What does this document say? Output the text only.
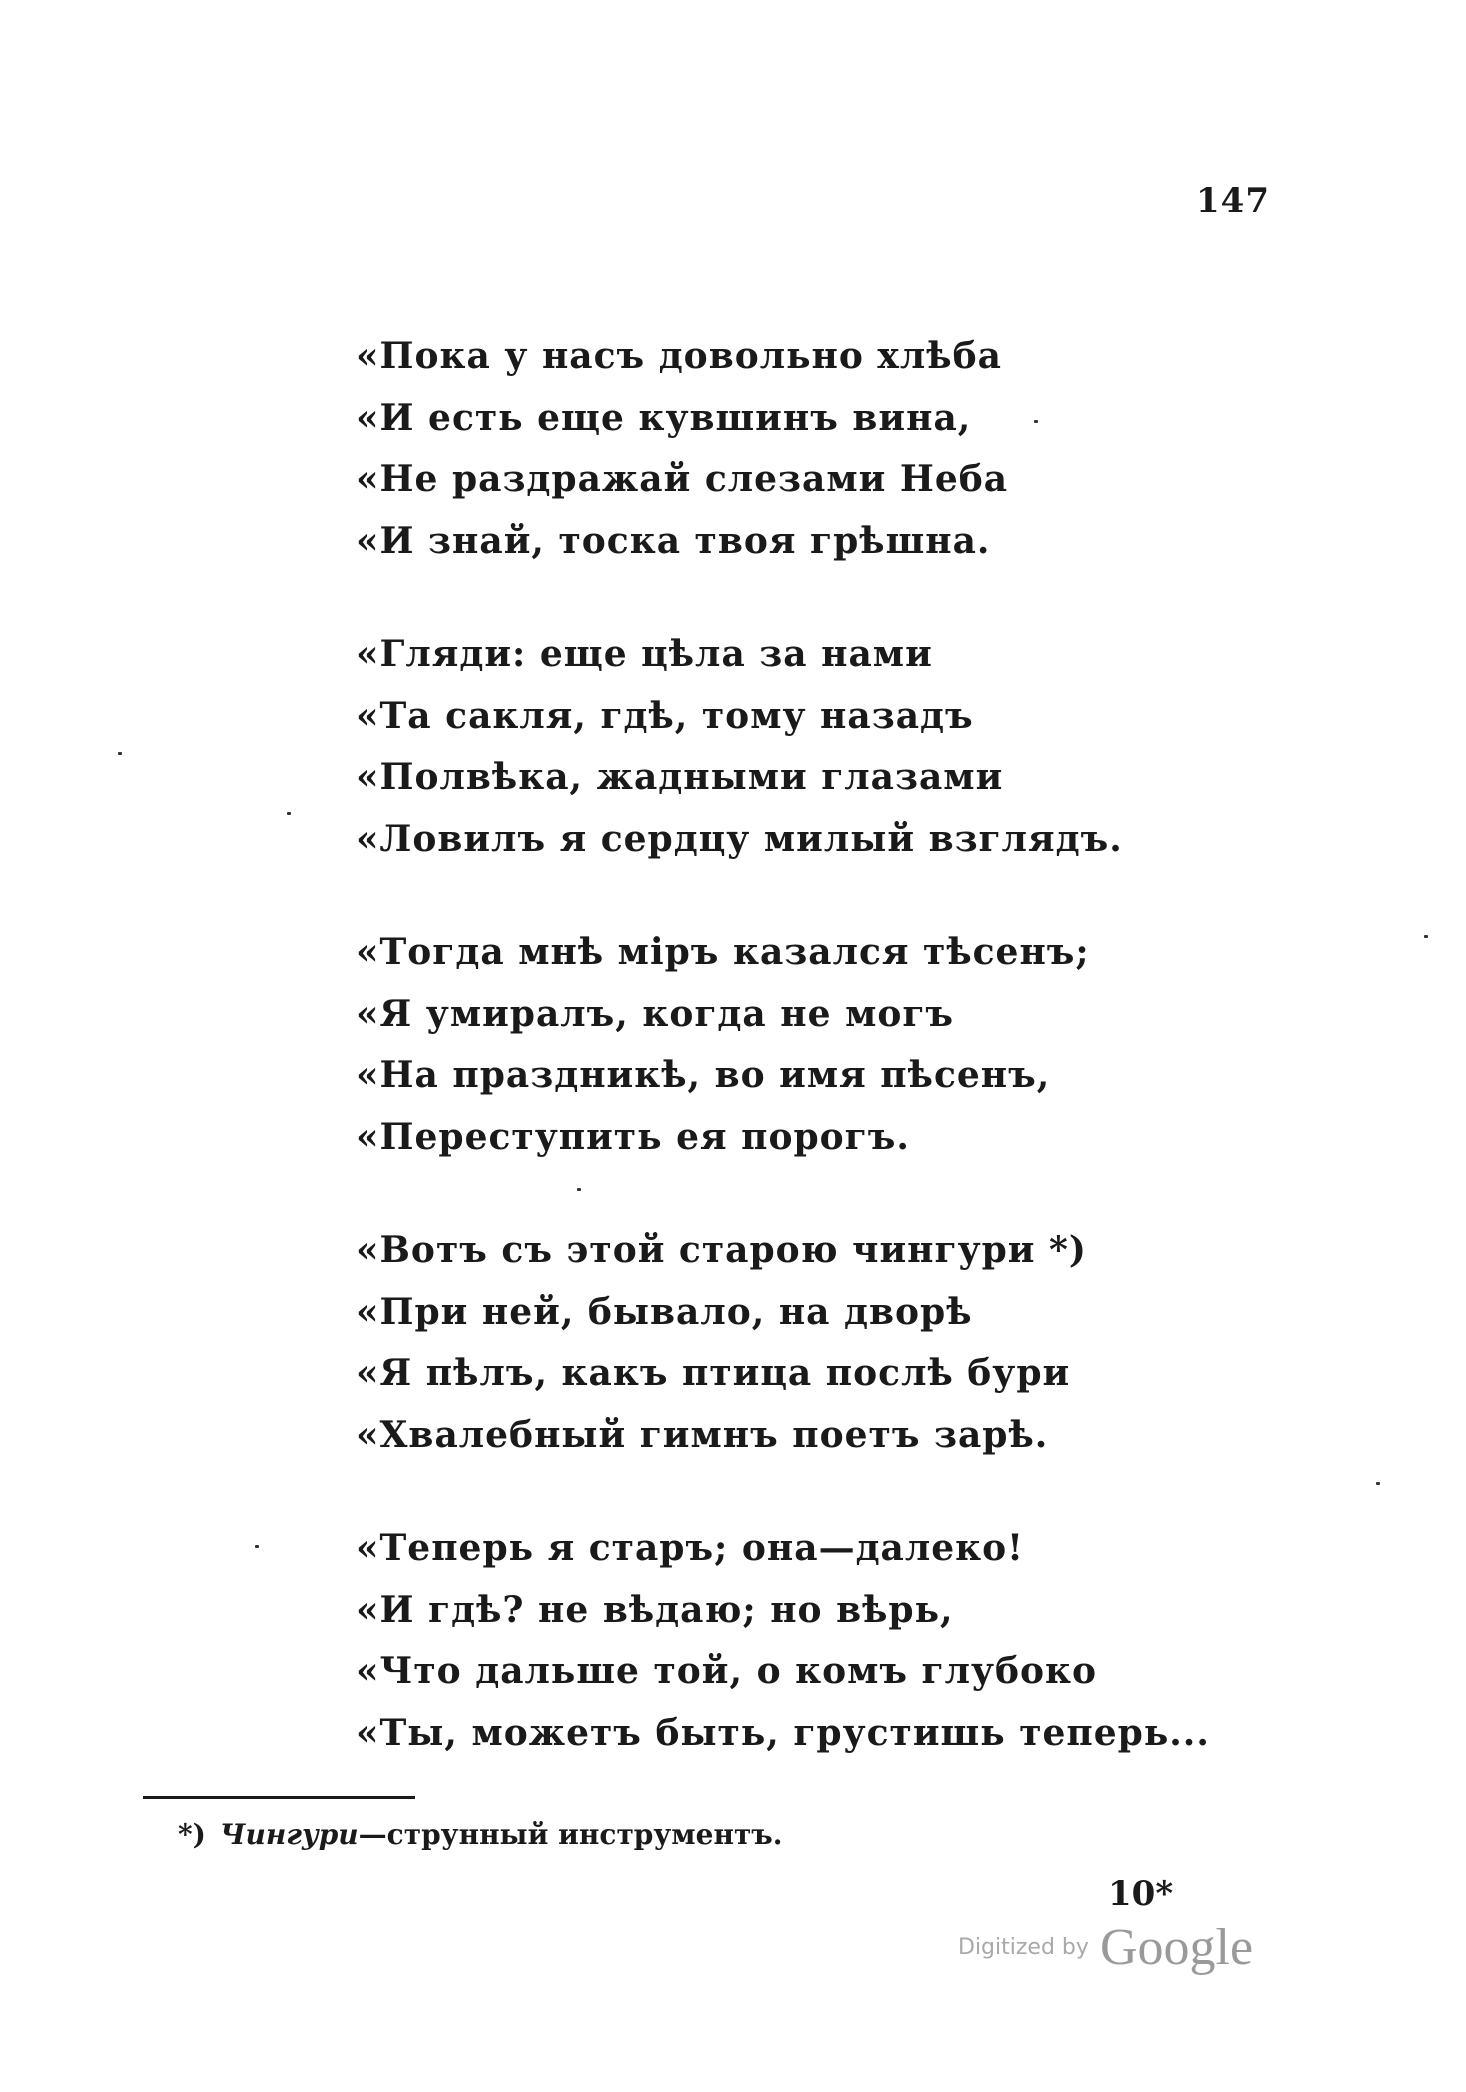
147
«Пока у насъ довольно хлѣба
«И есть еще кувшинъ вина,
«Не раздражай слезами Неба
«И знай, тоска твоя грѣшна.
«Гляди: еще цѣла за нами
«Та сакля, гдѣ, тому назадъ
«Полвѣка, жадными глазами
«Ловилъ я сердцу милый взглядъ.
«Тогда мнѣ міръ казался тѣсенъ;
«Я умиралъ, когда не могъ
«На праздникѣ, во имя пѣсенъ,
«Переступить ея порогъ.
«Вотъ съ этой старою чингури *)
«При ней, бывало, на дворѣ
«Я пѣлъ, какъ птица послѣ бури
«Хвалебный гимнъ поетъ зарѣ.
«Теперь я старъ; она—далеко!
«И гдѣ? не вѣдаю; но вѣрь,
«Что дальше той, о комъ глубоко
«Ты, можетъ быть, грустишь теперь...
*) Чингури—струнный инструментъ.
10*
Digitized by Google
